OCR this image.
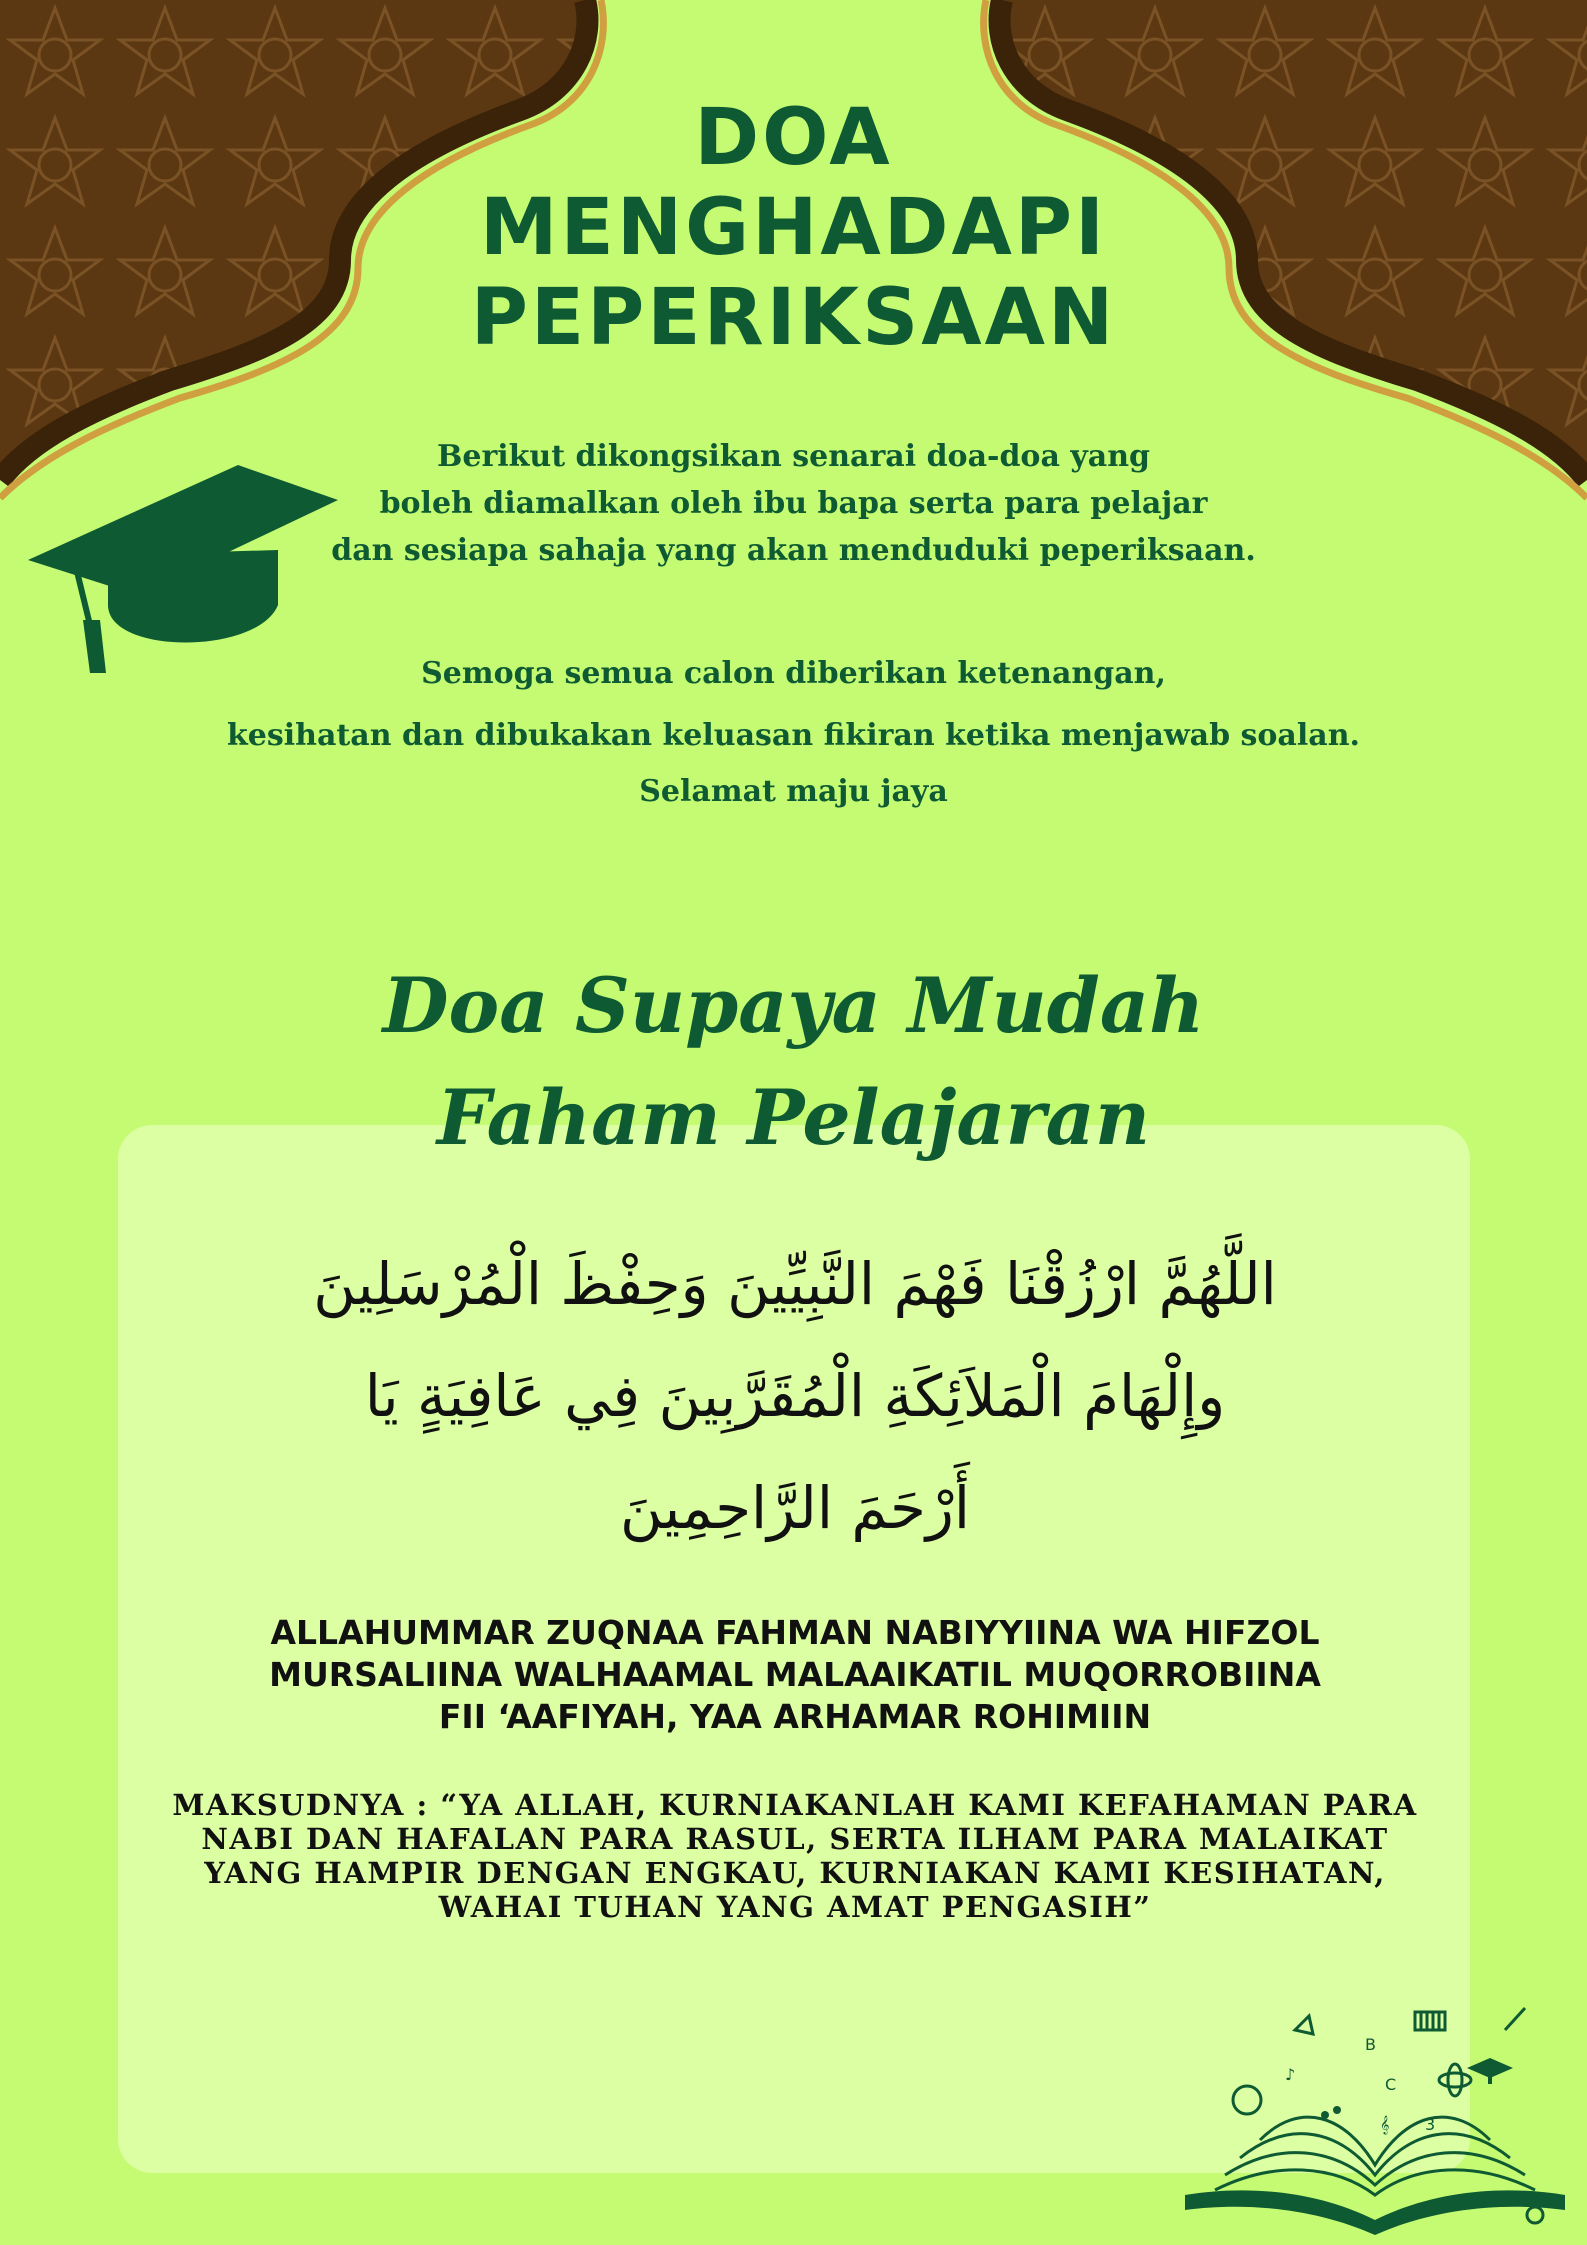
DOA
MENGHADAPI
PEPERIKSAAN
Berikut dikongsikan senarai doa-doa yang
boleh diamalkan oleh ibu bapa serta para pelajar
dan sesiapa sahaja yang akan menduduki peperiksaan.
Semoga semua calon diberikan ketenangan,
kesihatan dan dibukakan keluasan fikiran ketika menjawab soalan.
Selamat maju jaya
Doa Supaya Mudah
Faham Pelajaran
اللَّهُمَّ ارْزُقْنَا فَهْمَ النَّبِيِّينَ وَحِفْظَ الْمُرْسَلِينَ
وإِلْهَامَ الْمَلاَئِكَةِ الْمُقَرَّبِينَ فِي عَافِيَةٍ يَا
أَرْحَمَ الرَّاحِمِينَ
ALLAHUMMAR ZUQNAA FAHMAN NABIYYIINA WA HIFZOL
MURSALIINA WALHAAMAL MALAAIKATIL MUQORROBIINA
FII ‘AAFIYAH, YAA ARHAMAR ROHIMIIN
MAKSUDNYA : “YA ALLAH, KURNIAKANLAH KAMI KEFAHAMAN PARA
NABI DAN HAFALAN PARA RASUL, SERTA ILHAM PARA MALAIKAT
YANG HAMPIR DENGAN ENGKAU, KURNIAKAN KAMI KESIHATAN,
WAHAI TUHAN YANG AMAT PENGASIH”
♪
B
C
3
𝄞
